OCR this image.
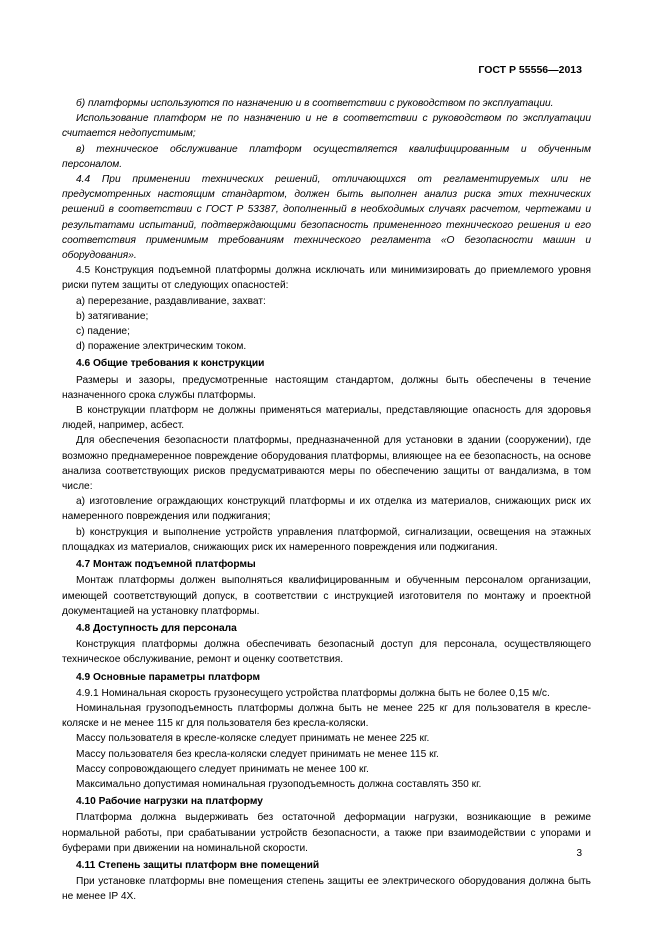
ГОСТ Р 55556—2013

б) платформы используются по назначению и в соответствии с руководством по эксплуатации.

Использование платформ не по назначению и не в соответствии с руководством по эксплуатации считается недопустимым;

в) техническое обслуживание платформ осуществляется квалифицированным и обученным персоналом.

4.4 При применении технических решений, отличающихся от регламентируемых или не предусмотренных настоящим стандартом, должен быть выполнен анализ риска этих технических решений в соответствии с ГОСТ Р 53387, дополненный в необходимых случаях расчетом, чертежами и результатами испытаний, подтверждающими безопасность примененного технического решения и его соответствия применимым требованиям технического регламента «О безопасности машин и оборудования».

4.5 Конструкция подъемной платформы должна исключать или минимизировать до приемлемого уровня риски путем защиты от следующих опасностей:

a) перерезание, раздавливание, захват:

b) затягивание;

c) падение;

d) поражение электрическим током.

4.6 Общие требования к конструкции

Размеры и зазоры, предусмотренные настоящим стандартом, должны быть обеспечены в течение назначенного срока службы платформы.

В конструкции платформ не должны применяться материалы, представляющие опасность для здоровья людей, например, асбест.

Для обеспечения безопасности платформы, предназначенной для установки в здании (сооружении), где возможно преднамеренное повреждение оборудования платформы, влияющее на ее безопасность, на основе анализа соответствующих рисков предусматриваются меры по обеспечению защиты от вандализма, в том числе:

a) изготовление ограждающих конструкций платформы и их отделка из материалов, снижающих риск их намеренного повреждения или поджигания;

b) конструкция и выполнение устройств управления платформой, сигнализации, освещения на этажных площадках из материалов, снижающих риск их намеренного повреждения или поджигания.

4.7 Монтаж подъемной платформы

Монтаж платформы должен выполняться квалифицированным и обученным персоналом организации, имеющей соответствующий допуск, в соответствии с инструкцией изготовителя по монтажу и проектной документацией на установку платформы.

4.8 Доступность для персонала

Конструкция платформы должна обеспечивать безопасный доступ для персонала, осуществляющего техническое обслуживание, ремонт и оценку соответствия.

4.9 Основные параметры платформ

4.9.1 Номинальная скорость грузонесущего устройства платформы должна быть не более 0,15 м/с.

Номинальная грузоподъемность платформы должна быть не менее 225 кг для пользователя в кресле-коляске и не менее 115 кг для пользователя без кресла-коляски.

Массу пользователя в кресле-коляске следует принимать не менее 225 кг.

Массу пользователя без кресла-коляски следует принимать не менее 115 кг.

Массу сопровождающего следует принимать не менее 100 кг.

Максимально допустимая номинальная грузоподъемность должна составлять 350 кг.

4.10 Рабочие нагрузки на платформу

Платформа должна выдерживать без остаточной деформации нагрузки, возникающие в режиме нормальной работы, при срабатывании устройств безопасности, а также при взаимодействии с упорами и буферами при движении на номинальной скорости.

4.11 Степень защиты платформ вне помещений

При установке платформы вне помещения степень защиты ее электрического оборудования должна быть не менее IP 4X.

3
